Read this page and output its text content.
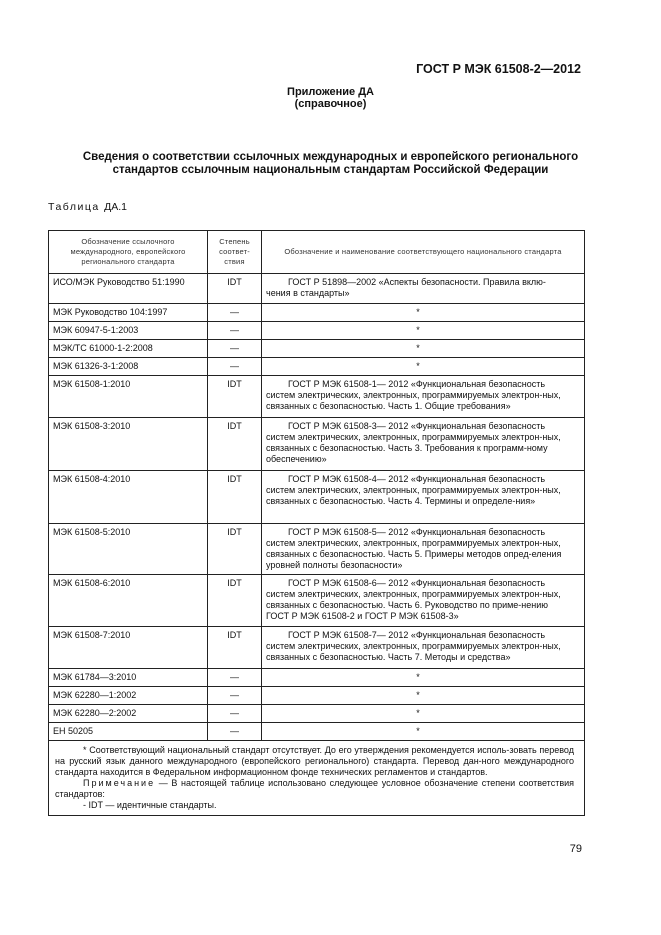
ГОСТ Р МЭК 61508-2—2012
Приложение ДА
(справочное)
Сведения о соответствии ссылочных международных и европейского регионального
стандартов ссылочным национальным стандартам Российской Федерации
Таблица ДА.1
Обозначение ссылочного международного, европейского регионального стандарта	Степень соответ-ствия	Обозначение и наименование соответствующего национального стандарта
ИСО/МЭК Руководство 51:1990	IDT	ГОСТ Р 51898—2002 «Аспекты безопасности. Правила вклю-чения в стандарты»
МЭК Руководство 104:1997	—	*
МЭК 60947-5-1:2003	—	*
МЭК/ТС 61000-1-2:2008	—	*
МЭК 61326-3-1:2008	—	*
МЭК 61508-1:2010	IDT	ГОСТ Р МЭК 61508-1— 2012 «Функциональная безопасность систем электрических, электронных, программируемых электрон-ных, связанных с безопасностью. Часть 1. Общие требования»
МЭК 61508-3:2010	IDT	ГОСТ Р МЭК 61508-3— 2012 «Функциональная безопасность систем электрических, электронных, программируемых электрон-ных, связанных с безопасностью. Часть 3. Требования к программ-ному обеспечению»
МЭК 61508-4:2010	IDT	ГОСТ Р МЭК 61508-4— 2012 «Функциональная безопасность систем электрических, электронных, программируемых электрон-ных, связанных с безопасностью. Часть 4. Термины и определе-ния»
МЭК 61508-5:2010	IDT	ГОСТ Р МЭК 61508-5— 2012 «Функциональная безопасность систем электрических, электронных, программируемых электрон-ных, связанных с безопасностью. Часть 5. Примеры методов опред-еления уровней полноты безопасности»
МЭК 61508-6:2010	IDT	ГОСТ Р МЭК 61508-6— 2012 «Функциональная безопасность систем электрических, электронных, программируемых электрон-ных, связанных с безопасностью. Часть 6. Руководство по приме-нению ГОСТ Р МЭК 61508-2 и ГОСТ Р МЭК 61508-3»
МЭК 61508-7:2010	IDT	ГОСТ Р МЭК 61508-7— 2012 «Функциональная безопасность систем электрических, электронных, программируемых электрон-ных, связанных с безопасностью. Часть 7. Методы и средства»
МЭК 61784—3:2010	—	*
МЭК 62280—1:2002	—	*
МЭК 62280—2:2002	—	*
ЕН 50205	—	*

* Соответствующий национальный стандарт отсутствует. До его утверждения рекомендуется исполь-зовать перевод на русский язык данного международного (европейского регионального) стандарта. Перевод дан-ного международного стандарта находится в Федеральном информационном фонде технических регламентов и стандартов.

Примечание — В настоящей таблице использовано следующее условное обозначение степени соответствия стандартов:

- IDT — идентичные стандарты.		

79
